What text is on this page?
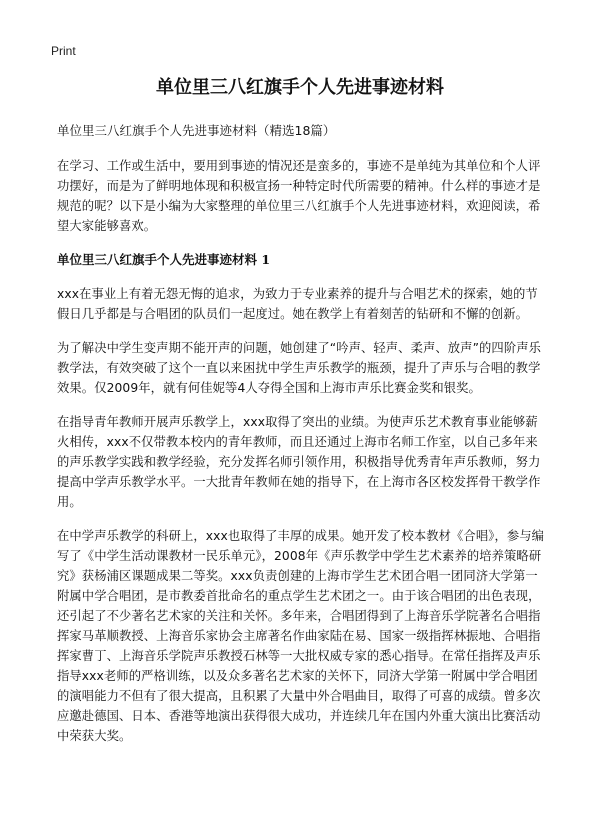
Print
单位里三八红旗手个人先进事迹材料

单位里三八红旗手个人先进事迹材料（精选18篇）

在学习、工作或生活中，要用到事迹的情况还是蛮多的，事迹不是单纯为其单位和个人评功摆好，而是为了鲜明地体现和积极宣扬一种特定时代所需要的精神。什么样的事迹才是规范的呢？以下是小编为大家整理的单位里三八红旗手个人先进事迹材料，欢迎阅读，希望大家能够喜欢。

单位里三八红旗手个人先进事迹材料 1

xxx在事业上有着无怨无悔的追求，为致力于专业素养的提升与合唱艺术的探索，她的节假日几乎都是与合唱团的队员们一起度过。她在教学上有着刻苦的钻研和不懈的创新。

为了解决中学生变声期不能开声的问题，她创建了“吟声、轻声、柔声、放声”的四阶声乐教学法，有效突破了这个一直以来困扰中学生声乐教学的瓶颈，提升了声乐与合唱的教学效果。仅2009年，就有何佳妮等4人夺得全国和上海市声乐比赛金奖和银奖。

在指导青年教师开展声乐教学上，xxx取得了突出的业绩。为使声乐艺术教育事业能够薪火相传，xxx不仅带教本校内的青年教师，而且还通过上海市名师工作室，以自己多年来的声乐教学实践和教学经验，充分发挥名师引领作用，积极指导优秀青年声乐教师，努力提高中学声乐教学水平。一大批青年教师在她的指导下，在上海市各区校发挥骨干教学作用。

在中学声乐教学的科研上，xxx也取得了丰厚的成果。她开发了校本教材《合唱》，参与编写了《中学生活动课教材一民乐单元》，2008年《声乐教学中学生艺术素养的培养策略研究》获杨浦区课题成果二等奖。xxx负责创建的上海市学生艺术团合唱一团同济大学第一附属中学合唱团，是市教委首批命名的重点学生艺术团之一。由于该合唱团的出色表现，还引起了不少著名艺术家的关注和关怀。多年来，合唱团得到了上海音乐学院著名合唱指挥家马革顺教授、上海音乐家协会主席著名作曲家陆在易、国家一级指挥林振地、合唱指挥家曹丁、上海音乐学院声乐教授石林等一大批权威专家的悉心指导。在常任指挥及声乐指导xxx老师的严格训练，以及众多著名艺术家的关怀下，同济大学第一附属中学合唱团的演唱能力不但有了很大提高，且积累了大量中外合唱曲目，取得了可喜的成绩。曾多次应邀赴德国、日本、香港等地演出获得很大成功，并连续几年在国内外重大演出比赛活动中荣获大奖。
